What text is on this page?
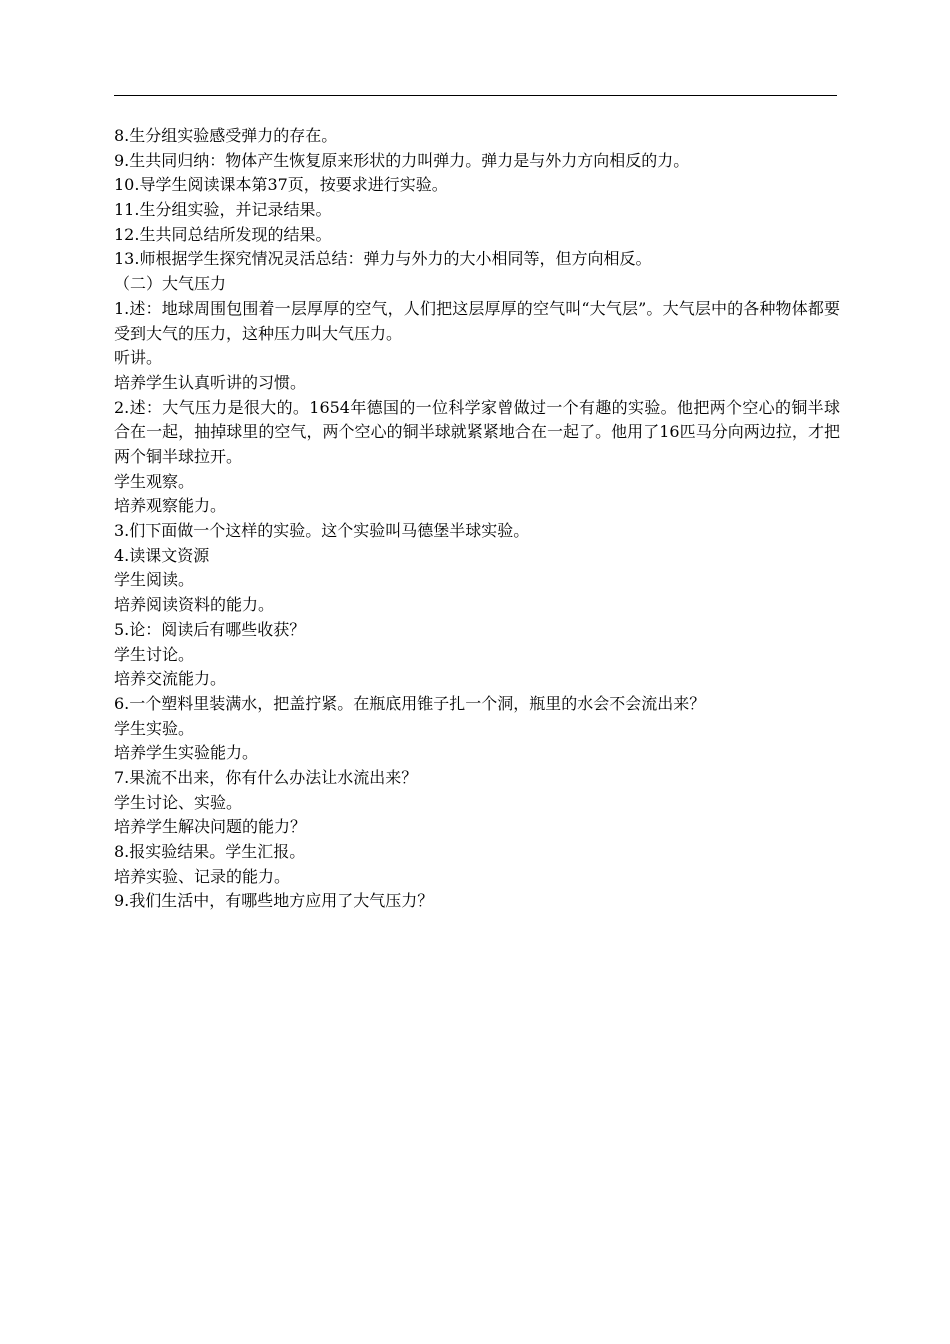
8.生分组实验感受弹力的存在。
9.生共同归纳：物体产生恢复原来形状的力叫弹力。弹力是与外力方向相反的力。
10.导学生阅读课本第37页，按要求进行实验。
11.生分组实验，并记录结果。
12.生共同总结所发现的结果。
13.师根据学生探究情况灵活总结：弹力与外力的大小相同等，但方向相反。
（二）大气压力
1.述：地球周围包围着一层厚厚的空气，人们把这层厚厚的空气叫“大气层”。大气层中的各种物体都要受到大气的压力，这种压力叫大气压力。
听讲。
培养学生认真听讲的习惯。
2.述：大气压力是很大的。1654年德国的一位科学家曾做过一个有趣的实验。他把两个空心的铜半球合在一起，抽掉球里的空气，两个空心的铜半球就紧紧地合在一起了。他用了16匹马分向两边拉，才把两个铜半球拉开。
学生观察。
培养观察能力。
3.们下面做一个这样的实验。这个实验叫马德堡半球实验。
4.读课文资源
学生阅读。
培养阅读资料的能力。
5.论：阅读后有哪些收获？
学生讨论。
培养交流能力。
6.一个塑料里装满水，把盖拧紧。在瓶底用锥子扎一个洞，瓶里的水会不会流出来？
学生实验。
培养学生实验能力。
7.果流不出来，你有什么办法让水流出来？
学生讨论、实验。
培养学生解决问题的能力？
8.报实验结果。学生汇报。
培养实验、记录的能力。
9.我们生活中，有哪些地方应用了大气压力？
